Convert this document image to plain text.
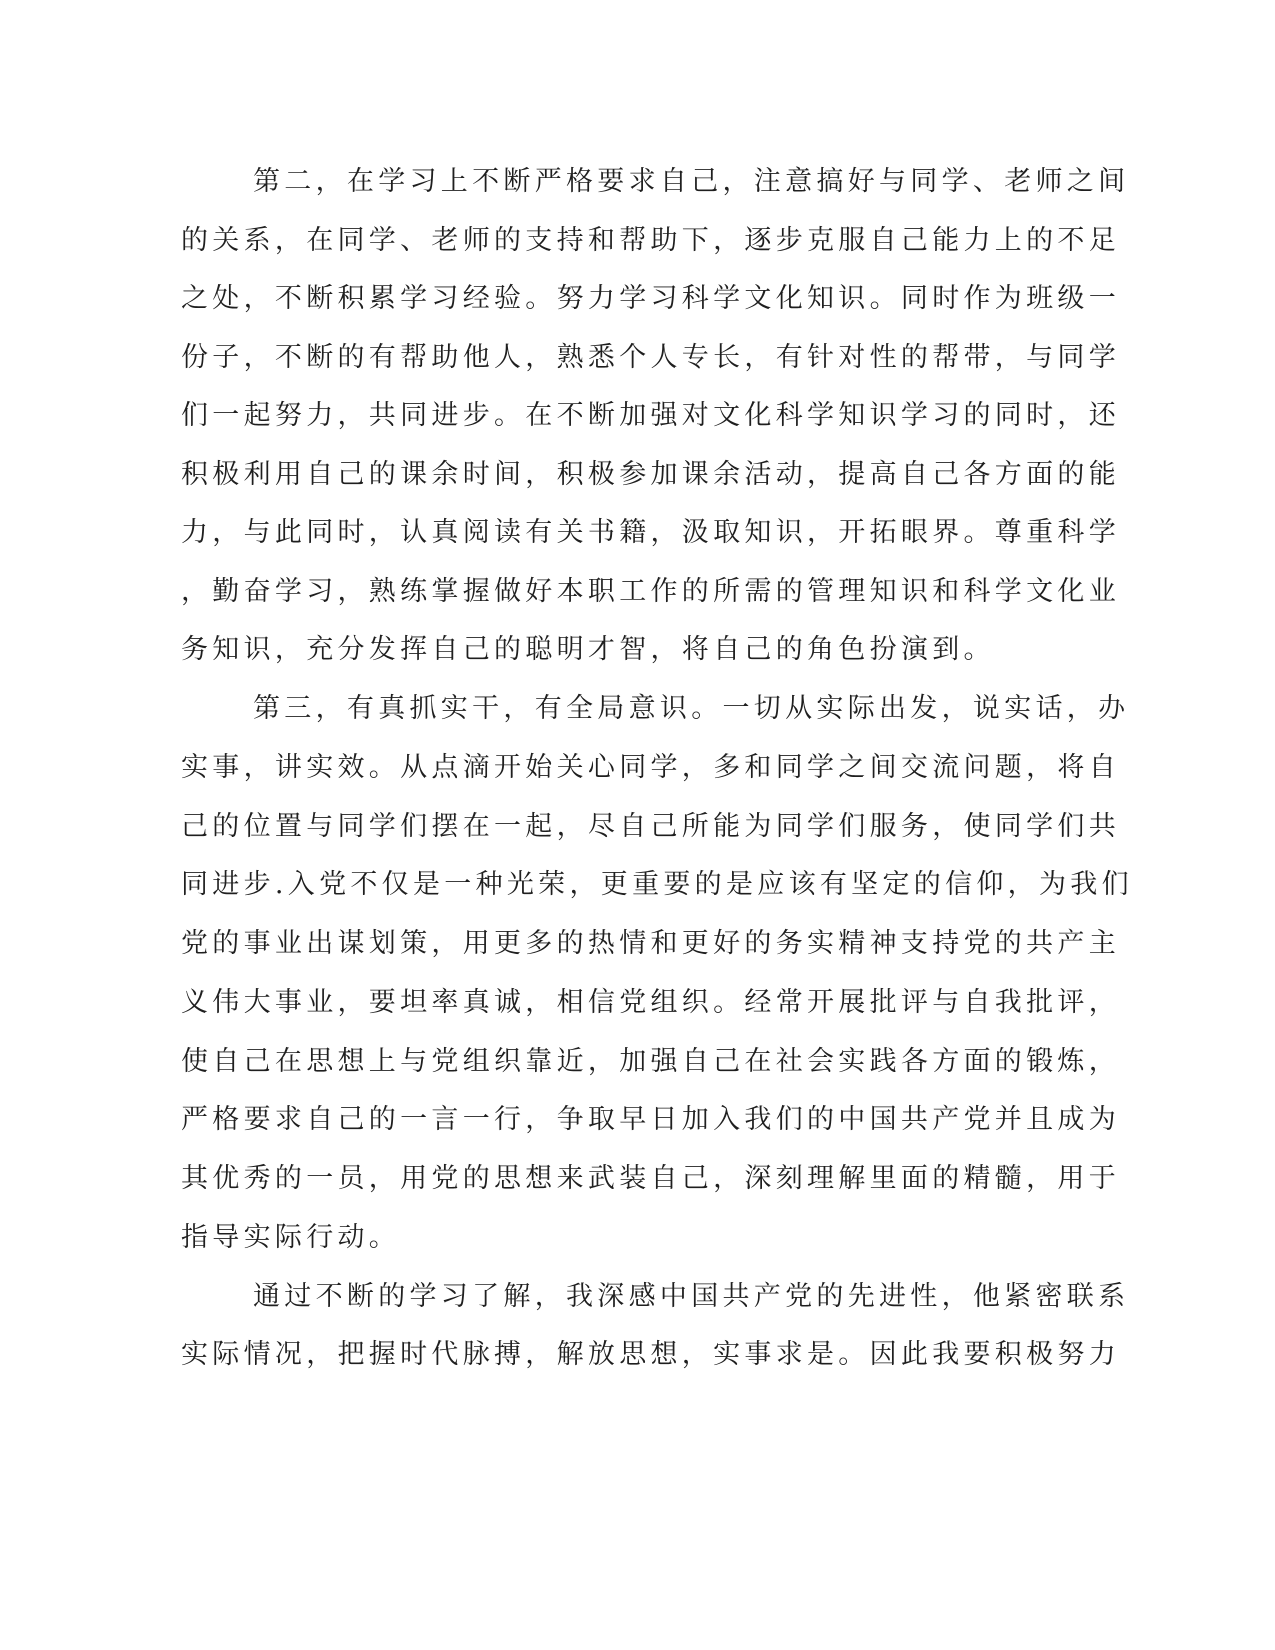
第二，在学习上不断严格要求自己，注意搞好与同学、老师之间
的关系，在同学、老师的支持和帮助下，逐步克服自己能力上的不足
之处，不断积累学习经验。努力学习科学文化知识。同时作为班级一
份子，不断的有帮助他人，熟悉个人专长，有针对性的帮带，与同学
们一起努力，共同进步。在不断加强对文化科学知识学习的同时，还
积极利用自己的课余时间，积极参加课余活动，提高自己各方面的能
力，与此同时，认真阅读有关书籍，汲取知识，开拓眼界。尊重科学
，勤奋学习，熟练掌握做好本职工作的所需的管理知识和科学文化业
务知识，充分发挥自己的聪明才智，将自己的角色扮演到。
第三，有真抓实干，有全局意识。一切从实际出发，说实话，办
实事，讲实效。从点滴开始关心同学，多和同学之间交流问题，将自
己的位置与同学们摆在一起，尽自己所能为同学们服务，使同学们共
同进步.入党不仅是一种光荣，更重要的是应该有坚定的信仰，为我们
党的事业出谋划策，用更多的热情和更好的务实精神支持党的共产主
义伟大事业，要坦率真诚，相信党组织。经常开展批评与自我批评，
使自己在思想上与党组织靠近，加强自己在社会实践各方面的锻炼，
严格要求自己的一言一行，争取早日加入我们的中国共产党并且成为
其优秀的一员，用党的思想来武装自己，深刻理解里面的精髓，用于
指导实际行动。
通过不断的学习了解，我深感中国共产党的先进性，他紧密联系
实际情况，把握时代脉搏，解放思想，实事求是。因此我要积极努力
